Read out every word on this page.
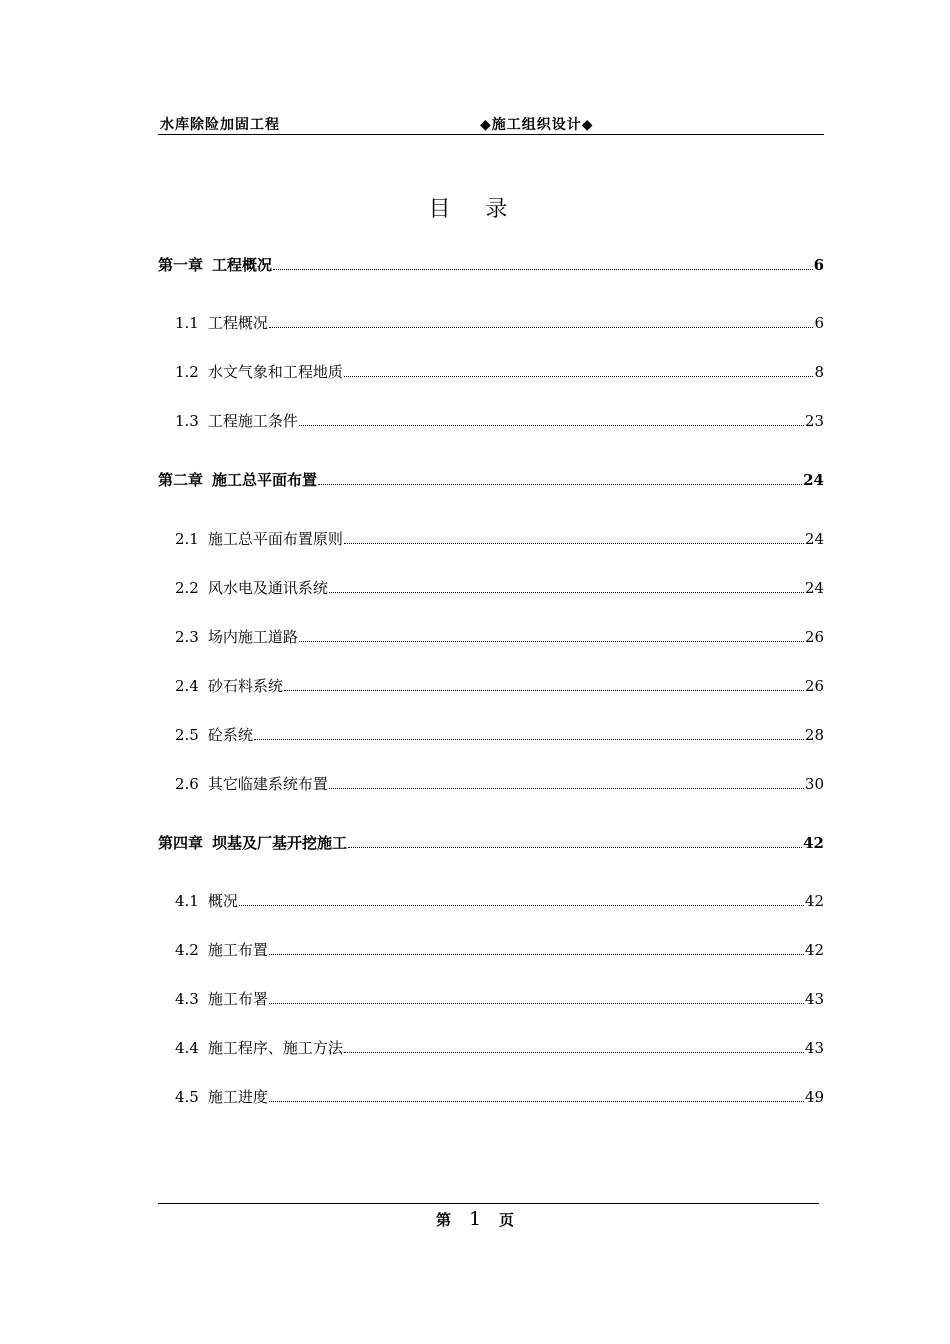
水库除险加固工程	◆施工组织设计◆
目 录
第一章 工程概况	6
1.1 工程概况	6
1.2 水文气象和工程地质	8
1.3 工程施工条件	23
第二章 施工总平面布置	24
2.1 施工总平面布置原则	24
2.2 风水电及通讯系统	24
2.3 场内施工道路	26
2.4 砂石料系统	26
2.5 砼系统	28
2.6 其它临建系统布置	30
第四章 坝基及厂基开挖施工	42
4.1 概况	42
4.2 施工布置	42
4.3 施工布署	43
4.4 施工程序、施工方法	43
4.5 施工进度	49
第 1 页
